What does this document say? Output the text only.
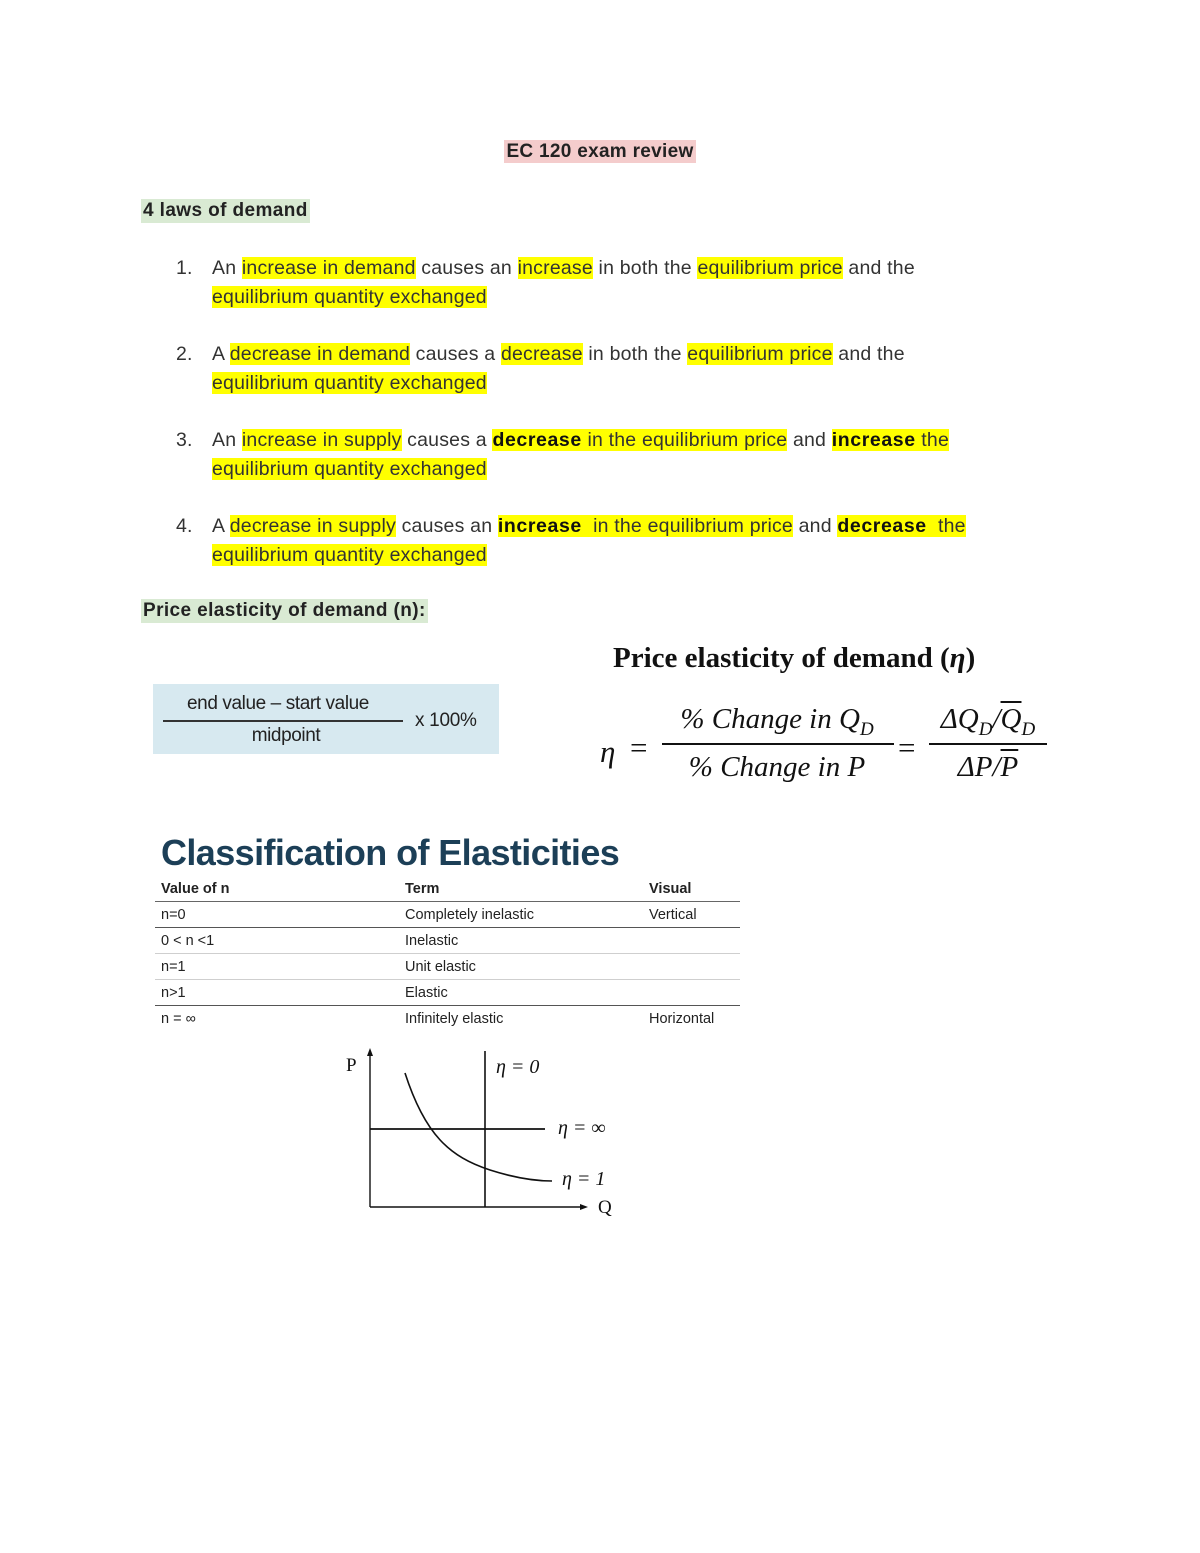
EC 120 exam review
4 laws of demand
1. An increase in demand causes an increase in both the equilibrium price and the
equilibrium quantity exchanged
2. A decrease in demand causes a decrease in both the equilibrium price and the
equilibrium quantity exchanged
3. An increase in supply causes a decrease in the equilibrium price and increase the
equilibrium quantity exchanged
4. A decrease in supply causes an increase  in the equilibrium price and decrease  the
equilibrium quantity exchanged
Price elasticity of demand (n):
end value – start value
midpoint
x 100%
Price elasticity of demand (η)
η =
% Change in $Q_D$
% Change in P
=
$\Delta Q_D/\overline{Q}_D$
$\Delta P/\overline{P}$
Classification of Elasticities
Value of n	Term	Visual
n=0	Completely inelastic	Vertical
0 < n <1	Inelastic	
n=1	Unit elastic	
n>1	Elastic	
n = ∞	Infinitely elastic	Horizontal
P
Q
η = 0
η = ∞
η = 1
